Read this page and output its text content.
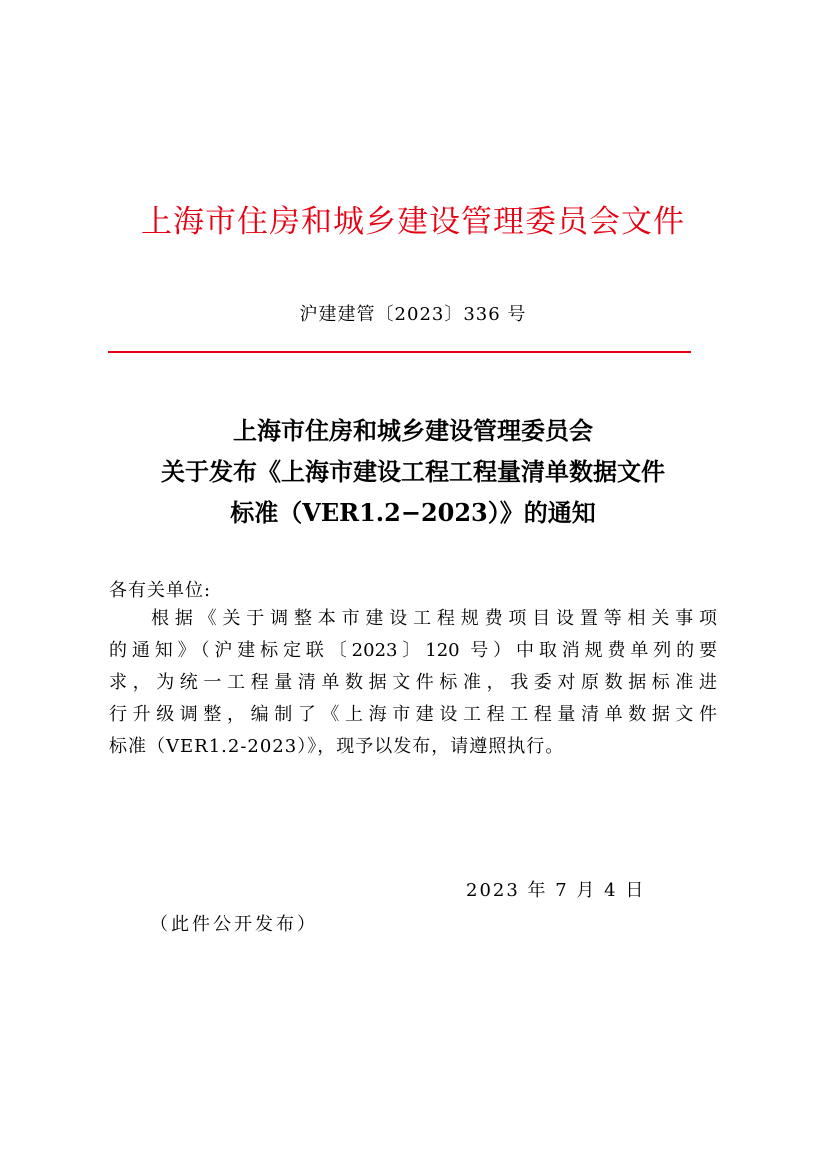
上海市住房和城乡建设管理委员会文件
沪建建管〔2023〕336 号
上海市住房和城乡建设管理委员会
关于发布《上海市建设工程工程量清单数据文件
标准（VER1.2−2023）》的通知
各有关单位:
根据《关于调整本市建设工程规费项目设置等相关事项
的通知》（沪建标定联〔2023〕120 号）中取消规费单列的要
求，为统一工程量清单数据文件标准，我委对原数据标准进
行升级调整，编制了《上海市建设工程工程量清单数据文件
标准（VER1.2-2023）》，现予以发布，请遵照执行。
2023 年 7 月 4 日
（此件公开发布）
